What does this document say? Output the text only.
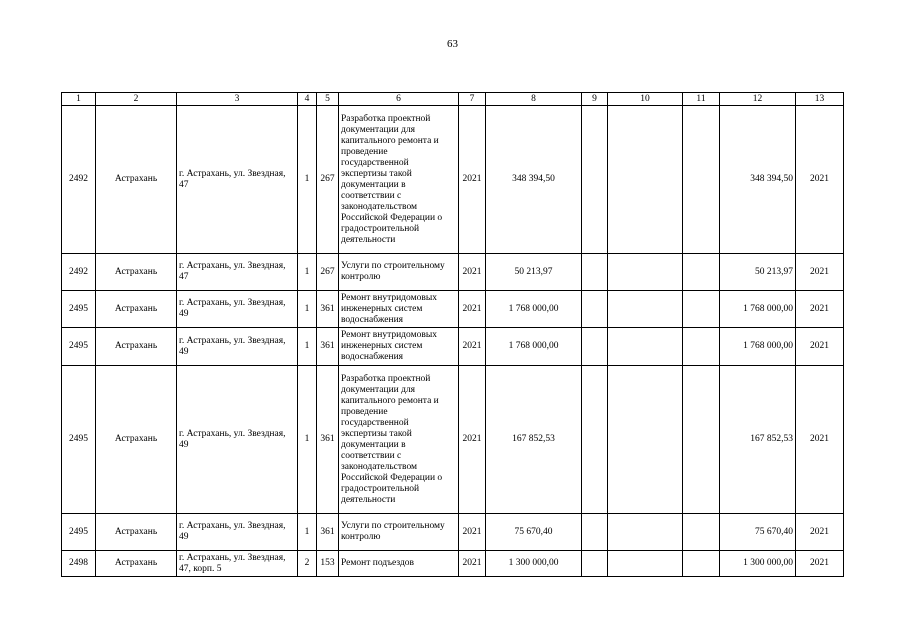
63
1	2	3	4	5	6	7	8	9	10	11	12	13
2492	Астрахань	г. Астрахань, ул. Звездная, 47	1	267	Разработка проектной документации для капитального ремонта и проведение государственной экспертизы такой документации в соответствии с законодательством Российской Федерации о градостроительной деятельности	2021	348 394,50				348 394,50	2021
2492	Астрахань	г. Астрахань, ул. Звездная, 47	1	267	Услуги по строительному контролю	2021	50 213,97				50 213,97	2021
2495	Астрахань	г. Астрахань, ул. Звездная, 49	1	361	Ремонт внутридомовых инженерных систем водоснабжения	2021	1 768 000,00				1 768 000,00	2021
2495	Астрахань	г. Астрахань, ул. Звездная, 49	1	361	Ремонт внутридомовых инженерных систем водоснабжения	2021	1 768 000,00				1 768 000,00	2021
2495	Астрахань	г. Астрахань, ул. Звездная, 49	1	361	Разработка проектной документации для капитального ремонта и проведение государственной экспертизы такой документации в соответствии с законодательством Российской Федерации о градостроительной деятельности	2021	167 852,53				167 852,53	2021
2495	Астрахань	г. Астрахань, ул. Звездная, 49	1	361	Услуги по строительному контролю	2021	75 670,40				75 670,40	2021
2498	Астрахань	г. Астрахань, ул. Звездная, 47, корп. 5	2	153	Ремонт подъездов	2021	1 300 000,00				1 300 000,00	2021
